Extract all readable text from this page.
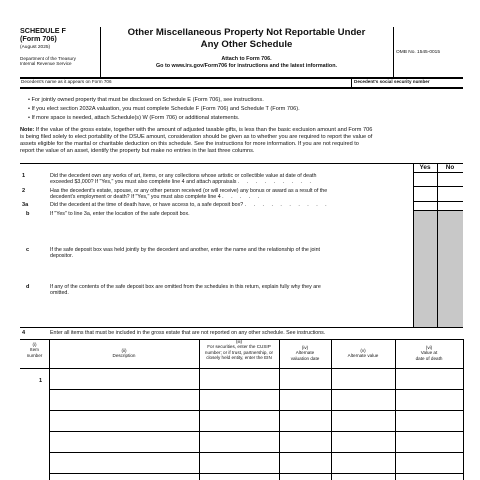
SCHEDULE F
(Form 706)
(August 2025)
Department of the Treasury
Internal Revenue Service
Other Miscellaneous Property Not Reportable Under
Any Other Schedule
Attach to Form 706.
Go to www.irs.gov/Form706 for instructions and the latest information.
OMB No. 1545-0015
Decedent's name as it appears on Form 706	Decedent's social security number
• For jointly owned property that must be disclosed on Schedule E (Form 706), see instructions.
• If you elect section 2032A valuation, you must complete Schedule F (Form 706) and Schedule T (Form 706).
• If more space is needed, attach Schedule(s) W (Form 706) or additional statements.
Note: If the value of the gross estate, together with the amount of adjusted taxable gifts, is less than the basic exclusion amount and Form 706
is being filed solely to elect portability of the DSUE amount, consideration should be given as to whether you are required to report the value of
assets eligible for the marital or charitable deduction on this schedule. See the instructions for more information. If you are not required to
report the value of an asset, identify the property but make no entries in the last three columns.
Yes	No
1	Did the decedent own any works of art, items, or any collections whose artistic or collectible value at date of death
exceeded $3,000? If "Yes," you must also complete line 4 and attach appraisals . . . . . . . . .
2	Has the decedent's estate, spouse, or any other person received (or will receive) any bonus or award as a result of the
decedent's employment or death? If "Yes," you must also complete line 4 . . . . .
3a	Did the decedent at the time of death have, or have access to, a safe deposit box? . . . . . . . . . .
b	If "Yes" to line 3a, enter the location of the safe deposit box.
c	If the safe deposit box was held jointly by the decedent and another, enter the name and the relationship of the joint
depositor.
d	If any of the contents of the safe deposit box are omitted from the schedules in this return, explain fully why they are
omitted.
4	Enter all items that must be included in the gross estate that are not reported on any other schedule. See instructions.
(i)
Item
number
(ii)
Description
(iii)
For securities, enter the CUSIP
number; or if trust, partnership, or
closely held entity, enter the EIN
(iv)
Alternate
valuation date
(v)
Alternate value
(vi)
Value at
date of death
1
